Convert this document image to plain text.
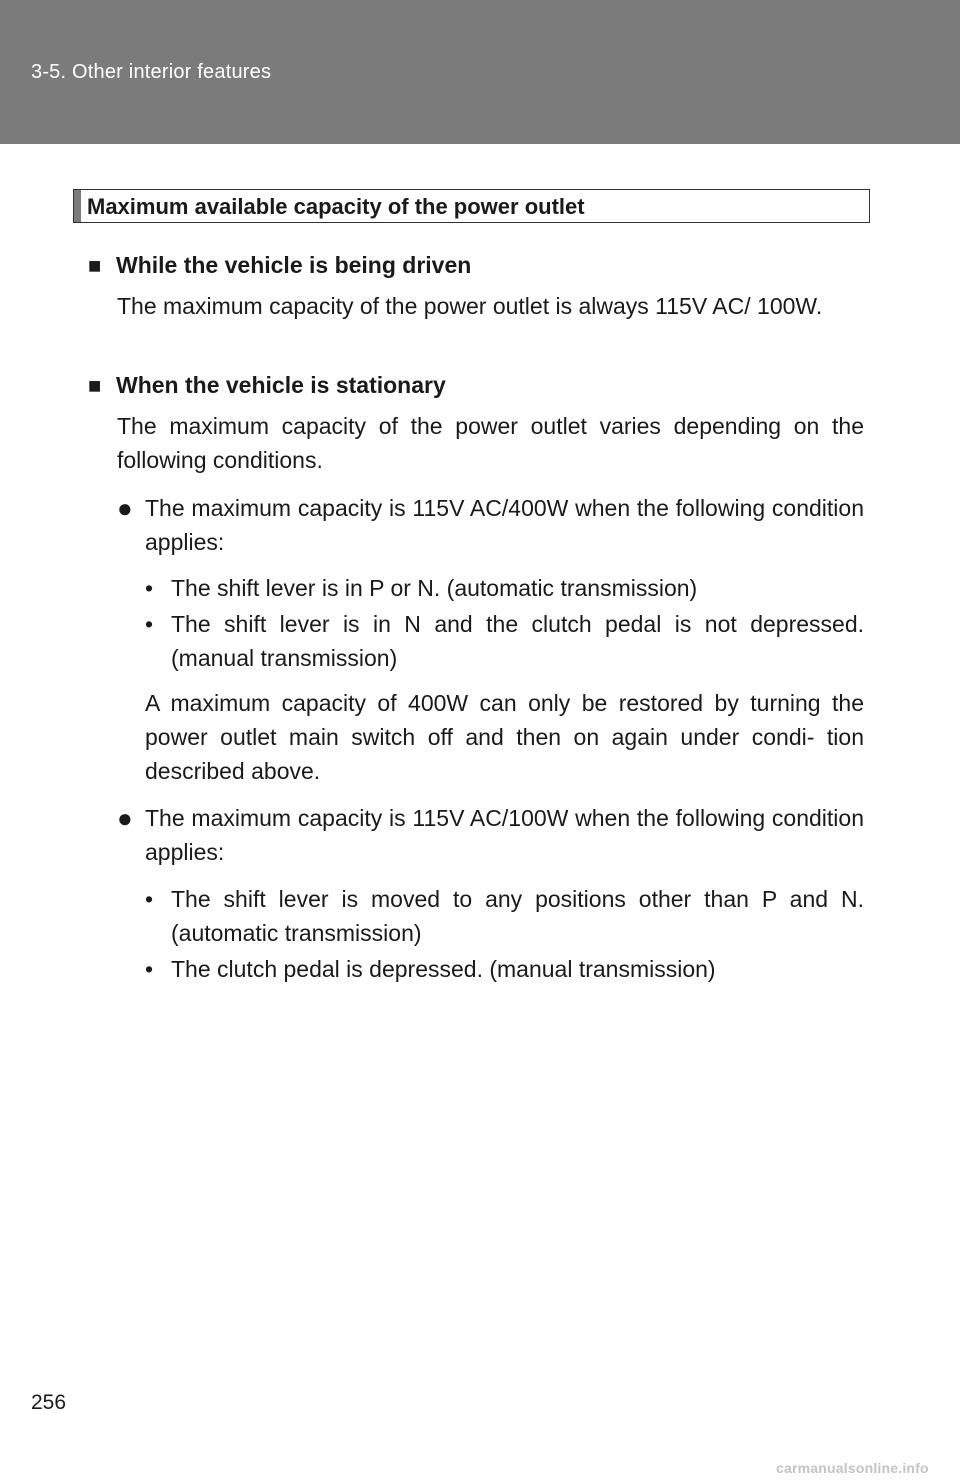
3-5. Other interior features
Maximum available capacity of the power outlet
■ While the vehicle is being driven
The maximum capacity of the power outlet is always 115V AC/ 100W.
■ When the vehicle is stationary
The maximum capacity of the power outlet varies depending on the following conditions.
● The maximum capacity is 115V AC/400W when the following condition applies:
• The shift lever is in P or N. (automatic transmission)
• The shift lever is in N and the clutch pedal is not depressed. (manual transmission)
A maximum capacity of 400W can only be restored by turning the power outlet main switch off and then on again under condi- tion described above.
● The maximum capacity is 115V AC/100W when the following condition applies:
• The shift lever is moved to any positions other than P and N. (automatic transmission)
• The clutch pedal is depressed. (manual transmission)
256
carmanualsonline.info
